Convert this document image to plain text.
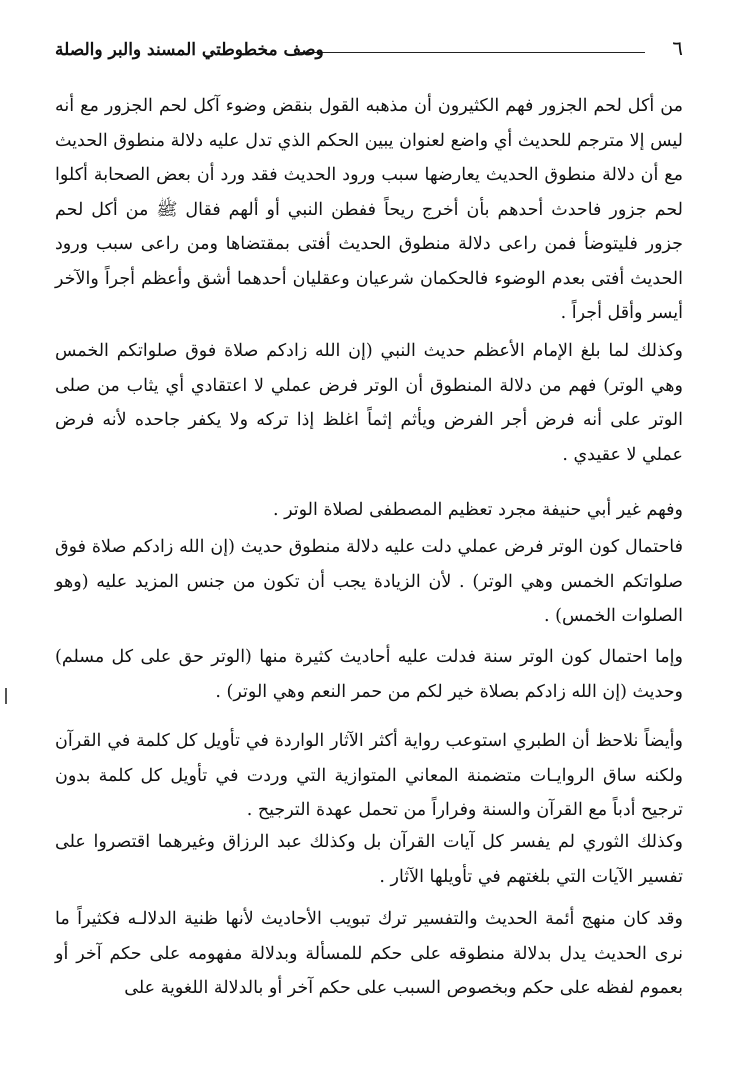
٦
وصف مخطوطتي المسند والبر والصلة

من أكل لحم الجزور فهم الكثيرون أن مذهبه القول بنقض وضوء آكل لحم الجزور مع أنه ليس إلا مترجم للحديث أي واضع لعنوان يبين الحكم الذي تدل عليه دلالة منطوق الحديث مع أن دلالة منطوق الحديث يعارضها سبب ورود الحديث فقد ورد أن بعض الصحابة أكلوا لحم جزور فاحدث أحدهم بأن أخرج ريحاً ففطن النبي أو ألهم فقال ﷺ من أكل لحم جزور فليتوضأ فمن راعى دلالة منطوق الحديث أفتى بمقتضاها ومن راعى سبب ورود الحديث أفتى بعدم الوضوء فالحكمان شرعيان وعقليان أحدهما أشق وأعظم أجراً والآخر أيسر وأقل أجراً .

وكذلك لما بلغ الإمام الأعظم حديث النبي (إن الله زادكم صلاة فوق صلواتكم الخمس وهي الوتر) فهم من دلالة المنطوق أن الوتر فرض عملي لا اعتقادي أي يثاب من صلى الوتر على أنه فرض أجر الفرض ويأثم إثماً اغلظ إذا تركه ولا يكفر جاحده لأنه فرض عملي لا عقيدي .

وفهم غير أبي حنيفة مجرد تعظيم المصطفى لصلاة الوتر .

فاحتمال كون الوتر فرض عملي دلت عليه دلالة منطوق حديث (إن الله زادكم صلاة فوق صلواتكم الخمس وهي الوتر) . لأن الزيادة يجب أن تكون من جنس المزيد عليه (وهو الصلوات الخمس) .

وإما احتمال كون الوتر سنة فدلت عليه أحاديث كثيرة منها (الوتر حق على كل مسلم) وحديث (إن الله زادكم بصلاة خير لكم من حمر النعم وهي الوتر) .

وأيضاً نلاحظ أن الطبري استوعب رواية أكثر الآثار الواردة في تأويل كل كلمة في القرآن ولكنه ساق الروايـات متضمنة المعاني المتوازية التي وردت في تأويل كل كلمة بدون ترجيح أدباً مع القرآن والسنة وفراراً من تحمل عهدة الترجيح .

وكذلك الثوري لم يفسر كل آيات القرآن بل وكذلك عبد الرزاق وغيرهما اقتصروا على تفسير الآيات التي بلغتهم في تأويلها الآثار .

وقد كان منهج أئمة الحديث والتفسير ترك تبويب الأحاديث لأنها ظنية الدلالـه فكثيراً ما نرى الحديث يدل بدلالة منطوقه على حكم للمسألة وبدلالة مفهومه على حكم آخر أو بعموم لفظه على حكم وبخصوص السبب على حكم آخر أو بالدلالة اللغوية على
